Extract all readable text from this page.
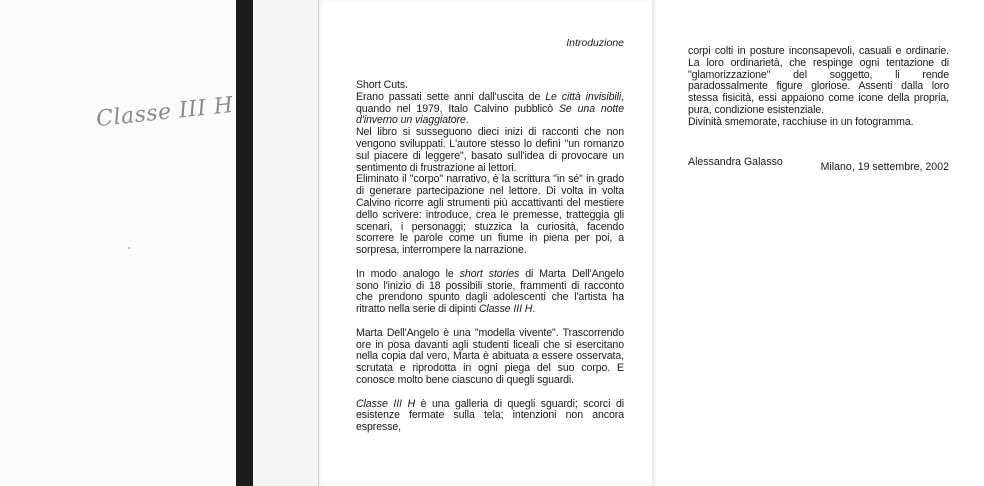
Classe III H
Introduzione

Short Cuts.

Erano passati sette anni dall'uscita de Le città invisibili, quando nel 1979, Italo Calvino pubblicò Se una notte d'inverno un viaggiatore.

Nel libro si susseguono dieci inizi di racconti che non vengono sviluppati. L'autore stesso lo definì "un romanzo sul piacere di leggere", basato sull'idea di provocare un sentimento di frustrazione ai lettori.

Eliminato il "corpo" narrativo, è la scrittura "in sé" in grado di generare partecipazione nel lettore. Di volta in volta Calvino ricorre agli strumenti più accattivanti del mestiere dello scrivere: introduce, crea le premesse, tratteggia gli scenari, i personaggi; stuzzica la curiosità, facendo scorrere le parole come un fiume in piena per poi, a sorpresa, interrompere la narrazione.

In modo analogo le short stories di Marta Dell'Angelo sono l'inizio di 18 possibili storie, frammenti di racconto che prendono spunto dagli adolescenti che l'artista ha ritratto nella serie di dipinti Classe III H.

Marta Dell'Angelo è una "modella vivente". Trascorrendo ore in posa davanti agli studenti liceali che si esercitano nella copia dal vero, Marta è abituata a essere osservata, scrutata e riprodotta in ogni piega del suo corpo. E conosce molto bene ciascuno di quegli sguardi.

Classe III H è una galleria di quegli sguardi; scorci di esistenze fermate sulla tela; intenzioni non ancora espresse,

corpi colti in posture inconsapevoli, casuali e ordinarie. La loro ordinarietà, che respinge ogni tentazione di "glamorizzazione" del soggetto, li rende paradossalmente figure gloriose. Assenti dalla loro stessa fisicità, essi appaiono come icone della propria, pura, condizione esistenziale.

Divinità smemorate, racchiuse in un fotogramma.

Alessandra Galasso	Milano, 19 settembre, 2002
